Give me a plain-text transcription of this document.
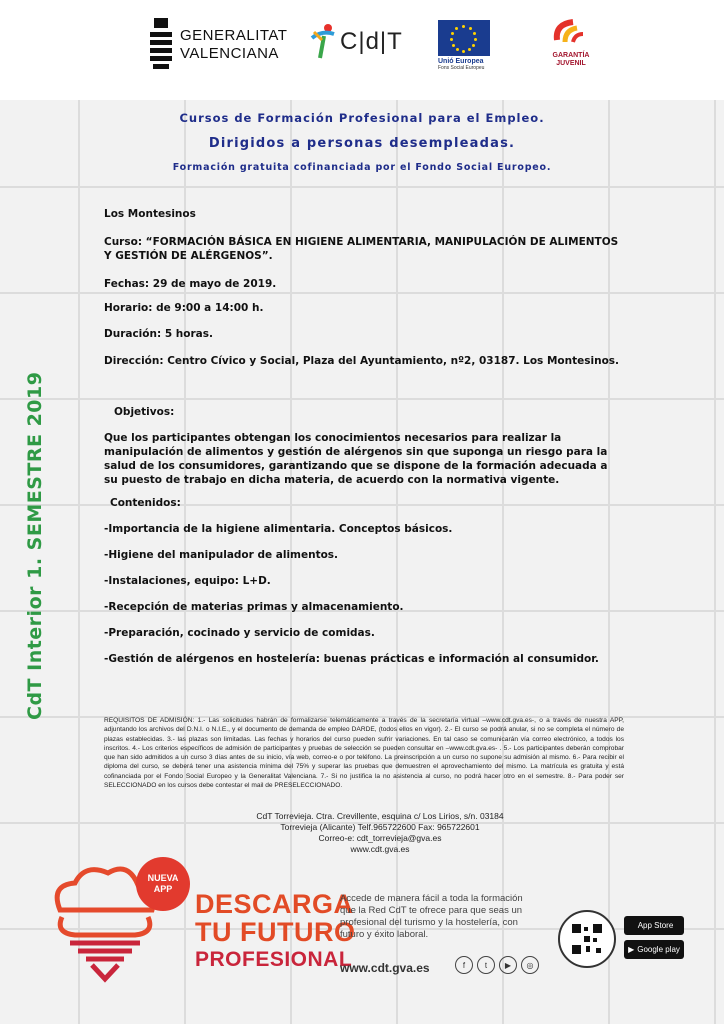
GENERALITAT
VALENCIANA	C|d|T
Unió Europea
Fons Social Europeu
GARANTÍA
JUVENIL
Cursos de Formación Profesional para el Empleo.
Dirigidos a personas desempleadas.
Formación gratuita cofinanciada por el Fondo Social Europeo.
Los Montesinos
Curso: “FORMACIÓN BÁSICA EN HIGIENE ALIMENTARIA, MANIPULACIÓN DE ALIMENTOS Y GESTIÓN DE ALÉRGENOS”.
Fechas: 29 de mayo de 2019.
Horario: de 9:00 a 14:00 h.
Duración: 5 horas.
Dirección: Centro Cívico y Social, Plaza del Ayuntamiento, nº2, 03187. Los Montesinos.
Objetivos:
Que los participantes obtengan los conocimientos necesarios para realizar la manipulación de alimentos y gestión de alérgenos sin que suponga un riesgo para la salud de los consumidores, garantizando que se dispone de la formación adecuada a su puesto de trabajo en dicha materia, de acuerdo con la normativa vigente.
Contenidos:
-Importancia de la higiene alimentaria. Conceptos básicos.
-Higiene del manipulador de alimentos.
-Instalaciones, equipo: L+D.
-Recepción de materias primas y almacenamiento.
-Preparación, cocinado y servicio de comidas.
-Gestión de alérgenos en hostelería: buenas prácticas e información al consumidor.
CdT Interior 1. SEMESTRE 2019
REQUISITOS DE ADMISIÓN: 1.- Las solicitudes habrán de formalizarse telemáticamente a través de la secretaría virtual –www.cdt.gva.es-, o a través de nuestra APP, adjuntando los archivos del D.N.I. o N.I.E., y el documento de demanda de empleo DARDE, (todos ellos en vigor). 2.- El curso se podrá anular, si no se completa el número de plazas establecidas. 3.- las plazas son limitadas. Las fechas y horarios del curso pueden sufrir variaciones. En tal caso se comunicarán vía correo electrónico, a todos los inscritos. 4.- Los criterios específicos de admisión de participantes y pruebas de selección se pueden consultar en –www.cdt.gva.es- . 5.- Los participantes deberán comprobar que han sido admitidos a un curso 3 días antes de su inicio, vía web, correo-e o por teléfono. La preinscripción a un curso no supone su admisión al mismo. 6.- Para recibir el diploma del curso, se deberá tener una asistencia mínima del 75% y superar las pruebas que demuestren el aprovechamiento del mismo. La matrícula es gratuita y está cofinanciada por el Fondo Social Europeo y la Generalitat Valenciana. 7.- Si no justifica la no asistencia al curso, no podrá hacer otro en el semestre. 8.- Para poder ser SELECCIONADO en los cursos debe contestar el mail de PRESELECCIONADO.
CdT Torrevieja. Ctra. Crevillente, esquina c/ Los Lirios, s/n. 03184
Torrevieja (Alicante) Telf.965722600 Fax: 965722601
Correo-e: cdt_torrevieja@gva.es
www.cdt.gva.es
NUEVA
APP DESCARGA
TU FUTURO
PROFESIONAL
Accede de manera fácil a toda la formación que la Red CdT te ofrece para que seas un profesional del turismo y la hostelería, con futuro y éxito laboral.
www.cdt.gva.es	f	t	▶	◎
App Store
▶ Google play
